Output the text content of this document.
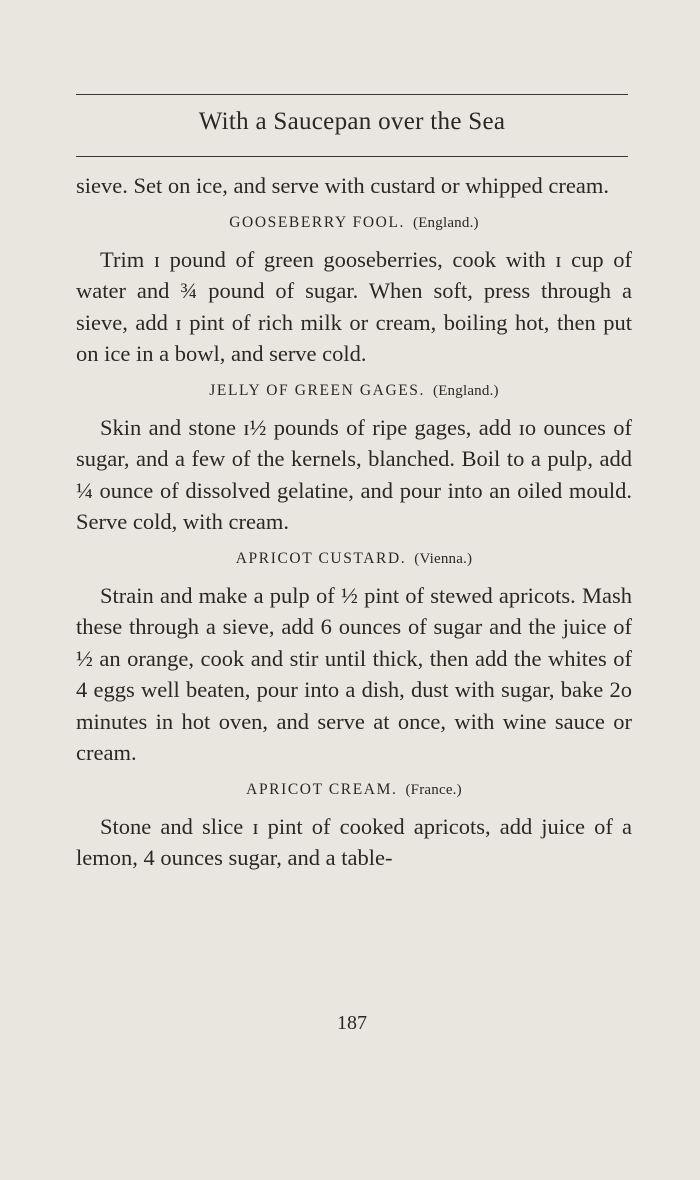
With a Saucepan over the Sea

sieve. Set on ice, and serve with custard or whipped cream.

GOOSEBERRY FOOL. (England.)

Trim ɪ pound of green gooseberries, cook with ɪ cup of water and ¾ pound of sugar. When soft, press through a sieve, add ɪ pint of rich milk or cream, boiling hot, then put on ice in a bowl, and serve cold.

JELLY OF GREEN GAGES. (England.)

Skin and stone ɪ½ pounds of ripe gages, add ɪo ounces of sugar, and a few of the kernels, blanched. Boil to a pulp, add ¼ ounce of dissolved gelatine, and pour into an oiled mould. Serve cold, with cream.

APRICOT CUSTARD. (Vienna.)

Strain and make a pulp of ½ pint of stewed apricots. Mash these through a sieve, add 6 ounces of sugar and the juice of ½ an orange, cook and stir until thick, then add the whites of 4 eggs well beaten, pour into a dish, dust with sugar, bake 2o minutes in hot oven, and serve at once, with wine sauce or cream.

APRICOT CREAM. (France.)

Stone and slice ɪ pint of cooked apricots, add juice of a lemon, 4 ounces sugar, and a table-

187
